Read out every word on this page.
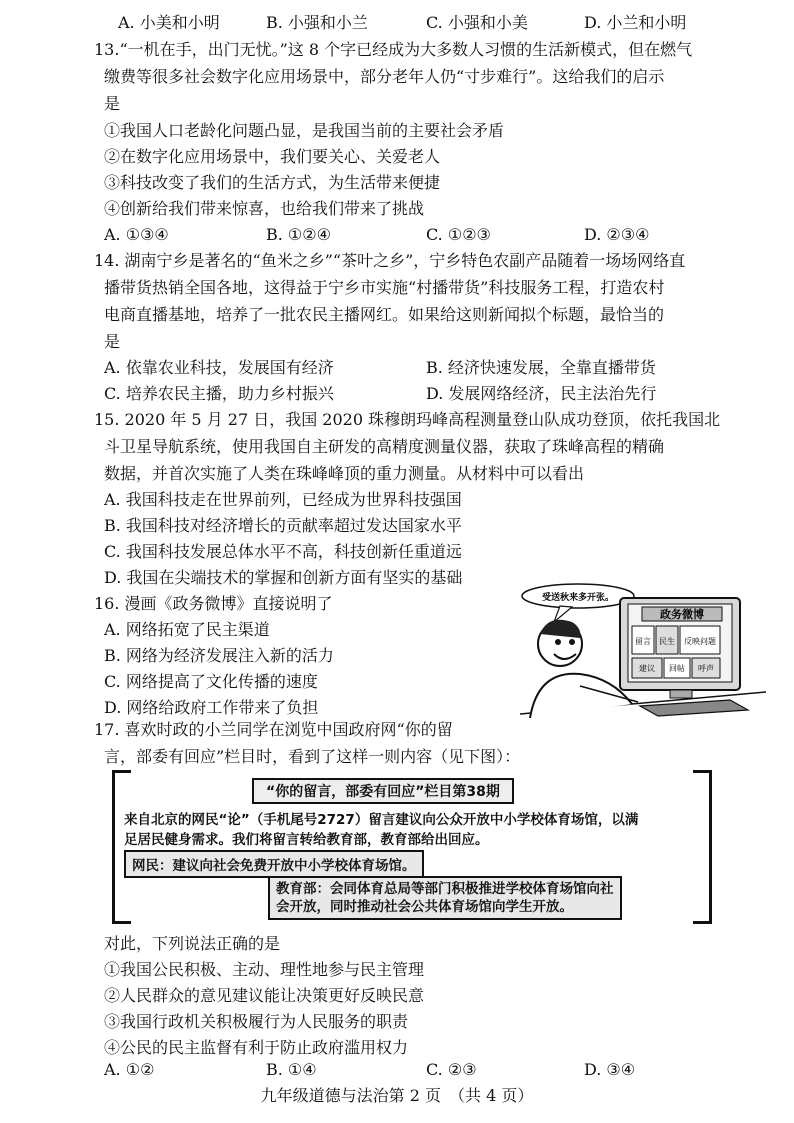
A. 小美和小明	B. 小强和小兰	C. 小强和小美	D. 小兰和小明
13.“一机在手，出门无忧。”这 8 个字已经成为大多数人习惯的生活新模式，但在燃气
缴费等很多社会数字化应用场景中，部分老年人仍“寸步难行”。这给我们的启示
是
①我国人口老龄化问题凸显，是我国当前的主要社会矛盾
②在数字化应用场景中，我们要关心、关爱老人
③科技改变了我们的生活方式，为生活带来便捷
④创新给我们带来惊喜，也给我们带来了挑战
A. ①③④	B. ①②④	C. ①②③	D. ②③④
14. 湖南宁乡是著名的“鱼米之乡”“茶叶之乡”，宁乡特色农副产品随着一场场网络直
播带货热销全国各地，这得益于宁乡市实施“村播带货”科技服务工程，打造农村
电商直播基地，培养了一批农民主播网红。如果给这则新闻拟个标题，最恰当的
是
A. 依靠农业科技，发展国有经济	B. 经济快速发展，全靠直播带货
C. 培养农民主播，助力乡村振兴	D. 发展网络经济，民主法治先行
15. 2020 年 5 月 27 日，我国 2020 珠穆朗玛峰高程测量登山队成功登顶，依托我国北
斗卫星导航系统，使用我国自主研发的高精度测量仪器，获取了珠峰高程的精确
数据，并首次实施了人类在珠峰峰顶的重力测量。从材料中可以看出
A. 我国科技走在世界前列，已经成为世界科技强国
B. 我国科技对经济增长的贡献率超过发达国家水平
C. 我国科技发展总体水平不高，科技创新任重道远
D. 我国在尖端技术的掌握和创新方面有坚实的基础
16. 漫画《政务微博》直接说明了
A. 网络拓宽了民主渠道
B. 网络为经济发展注入新的活力
C. 网络提高了文化传播的速度
D. 网络给政府工作带来了负担
受送秋来多开张。
政务微博
留言 民生 反映问题
建议 回帖 呼声
17. 喜欢时政的小兰同学在浏览中国政府网“你的留
言，部委有回应”栏目时，看到了这样一则内容（见下图）：
“你的留言，部委有回应”栏目第38期
来自北京的网民“论”（手机尾号2727）留言建议向公众开放中小学校体育场馆，以满
足居民健身需求。我们将留言转给教育部，教育部给出回应。
网民：建议向社会免费开放中小学校体育场馆。
教育部：会同体育总局等部门积极推进学校体育场馆向社
会开放，同时推动社会公共体育场馆向学生开放。
对此，下列说法正确的是
①我国公民积极、主动、理性地参与民主管理
②人民群众的意见建议能让决策更好反映民意
③我国行政机关积极履行为人民服务的职责
④公民的民主监督有利于防止政府滥用权力
A. ①②	B. ①④	C. ②③	D. ③④
九年级道德与法治第 2 页　（共 4 页）
